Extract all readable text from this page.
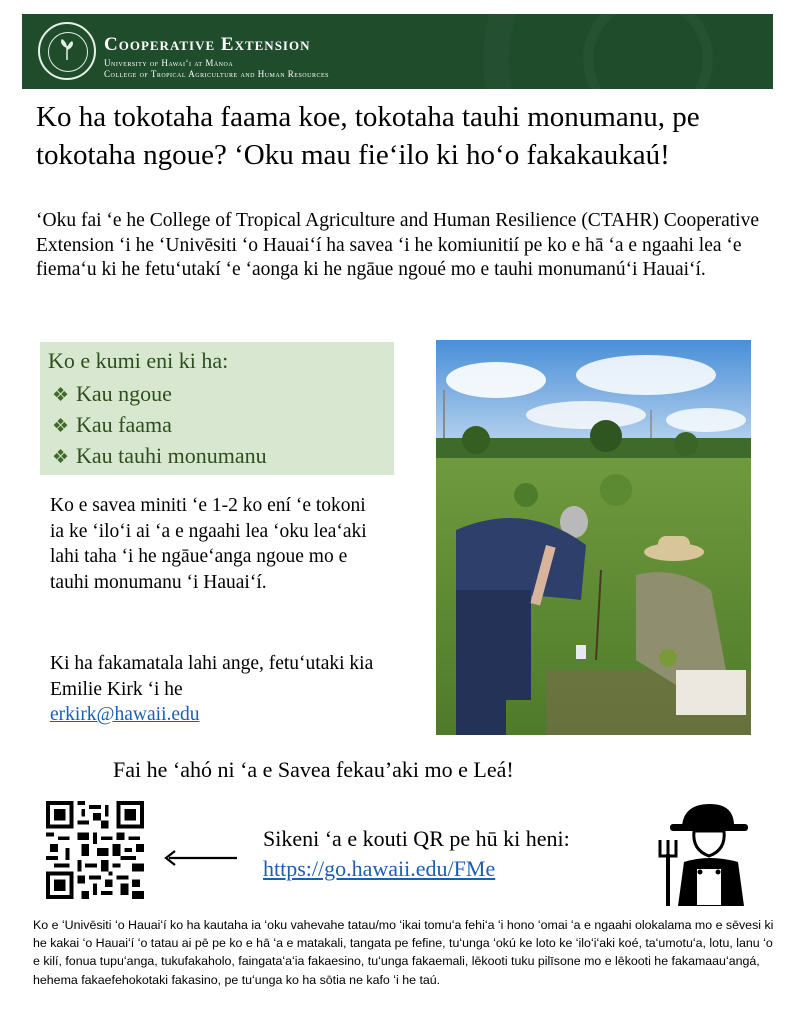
Cooperative Extension
University of Hawaiʻi at Mānoa
College of Tropical Agriculture and Human Resources
Ko ha tokotaha faama koe, tokotaha tauhi monumanu, pe tokotaha ngoue? ʻOku mau fieʻilo ki hoʻo fakakaukaú!
ʻOku fai ʻe he College of Tropical Agriculture and Human Resilience (CTAHR) Cooperative Extension ʻi he ʻUnivēsiti ʻo Hauaiʻí ha savea ʻi he komiunitií pe ko e hā ʻa e ngaahi lea ʻe fiemaʻu ki he fetuʻutakí ʻe ʻaonga ki he ngāue ngoué mo e tauhi monumanúʻi Hauaiʻí.
Ko e kumi eni ki ha:
❖ Kau ngoue
❖ Kau faama
❖ Kau tauhi monumanu
Ko e savea miniti ʻe 1-2 ko ení ʻe tokoni ia ke ʻiloʻi ai ʻa e ngaahi lea ʻoku leaʻaki lahi taha ʻi he ngāueʻanga ngoue mo e tauhi monumanu ʻi Hauaiʻí.
Ki ha fakamatala lahi ange, fetuʻutaki kia Emilie Kirk ʻi he
erkirk@hawaii.edu
Fai he ʻahó ni ʻa e Savea fekau’aki mo e Leá!
Sikeni ʻa e kouti QR pe hū ki heni:
https://go.hawaii.edu/FMe
Ko e ʻUnivēsiti ʻo Hauaiʻí ko ha kautaha ia ʻoku vahevahe tatau/mo ʻikai tomuʻa fehiʻa ʻi hono ʻomai ʻa e ngaahi olokalama mo e sēvesi ki he kakai ʻo Hauaiʻí ʻo tatau ai pē pe ko e hā ʻa e matakali, tangata pe fefine, tuʻunga ʻokú ke loto ke ʻiloʻiʻaki koé, taʻumotuʻa, lotu, lanu ʻo e kilí, fonua tupuʻanga, tukufakaholo, faingataʻaʻia fakaesino, tuʻunga fakaemali, lēkooti tuku pilīsone mo e lēkooti he fakamaauʻangá, hehema fakaefehokotaki fakasino, pe tuʻunga ko ha sōtia ne kafo ʻi he taú.
